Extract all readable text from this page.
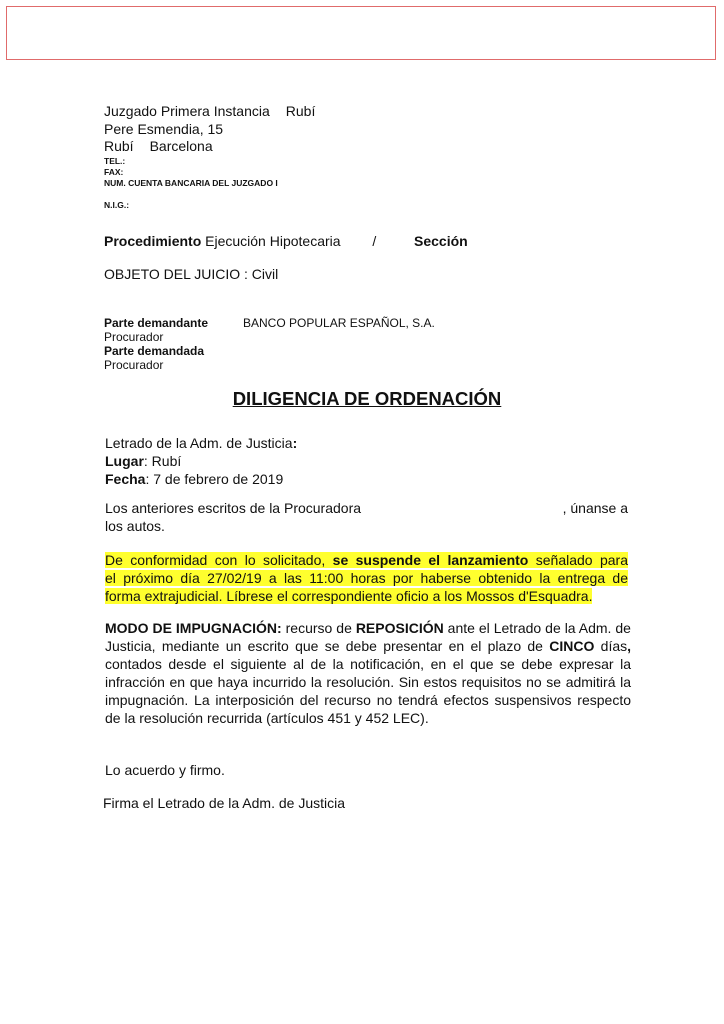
Juzgado Primera Instancia Rubí
Pere Esmendia, 15
Rubí Barcelona
TEL.:
FAX:
NUM. CUENTA BANCARIA DEL JUZGADO I
N.I.G.:
Procedimiento Ejecución Hipotecaria /	Sección
OBJETO DEL JUICIO : Civil
Parte demandante
Procurador
Parte demandada
Procurador
BANCO POPULAR ESPAÑOL, S.A.
DILIGENCIA DE ORDENACIÓN
Letrado de la Adm. de Justicia:
Lugar: Rubí
Fecha: 7 de febrero de 2019
Los anteriores escritos de la Procuradora	, únanse a
los autos.
De conformidad con lo solicitado, se suspende el lanzamiento señalado para
el próximo día 27/02/19 a las 11:00 horas por haberse obtenido la entrega de
forma extrajudicial. Líbrese el correspondiente oficio a los Mossos d'Esquadra.
MODO DE IMPUGNACIÓN: recurso de REPOSICIÓN ante el Letrado de la Adm. de Justicia, mediante un escrito que se debe presentar en el plazo de CINCO días, contados desde el siguiente al de la notificación, en el que se debe expresar la infracción en que haya incurrido la resolución. Sin estos requisitos no se admitirá la impugnación. La interposición del recurso no tendrá efectos suspensivos respecto de la resolución recurrida (artículos 451 y 452 LEC).
Lo acuerdo y firmo.
Firma el Letrado de la Adm. de Justicia
